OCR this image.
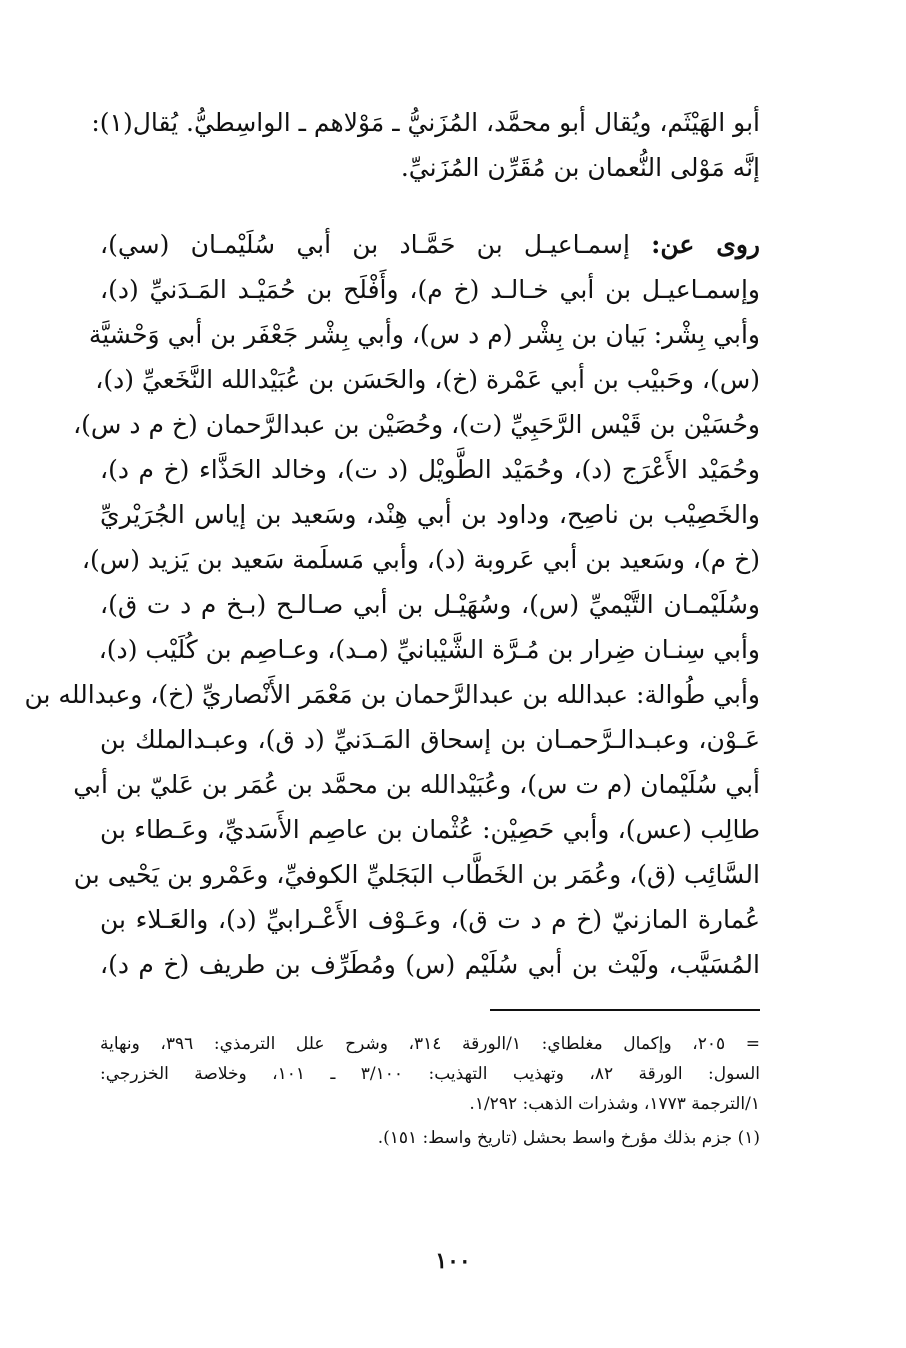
أبو الهَيْثَم، ويُقال أبو محمَّد، المُزَنيُّ ـ مَوْلاهم ـ الواسِطيُّ. يُقال(١):
إنَّه مَوْلى النُّعمان بن مُقَرِّن المُزَنيِّ.
روى عن: إسمـاعيـل بن حَمَّـاد بن أبي سُلَيْمـان (سي)،
وإسمـاعيـل بن أبي خـالـد (خ م)، وأَفْلَح بن حُمَيْـد المَـدَنيِّ (د)،
وأبي بِشْر: بَيان بن بِشْر (م د س)، وأبي بِشْر جَعْفَر بن أبي وَحْشيَّة
(س)، وحَبيْب بن أبي عَمْرة (خ)، والحَسَن بن عُبَيْدالله النَّخَعيِّ (د)،
وحُسَيْن بن قَيْس الرَّحَبِيِّ (ت)، وحُصَيْن بن عبدالرَّحمان (خ م د س)،
وحُمَيْد الأَعْرَج (د)، وحُمَيْد الطَّويْل (د ت)، وخالد الحَذَّاء (خ م د)،
والخَصِيْب بن ناصِح، وداود بن أبي هِنْد، وسَعيد بن إياس الجُرَيْريِّ
(خ م)، وسَعيد بن أبي عَروبة (د)، وأبي مَسلَمة سَعيد بن يَزيد (س)،
وسُلَيْمـان التَّيْميِّ (س)، وسُهَيْـل بن أبي صـالـح (بـخ م د ت ق)،
وأبي سِنـان ضِرار بن مُـرَّة الشَّيْبانيِّ (مـد)، وعـاصِم بن كُلَيْب (د)،
وأبي طُوالة: عبدالله بن عبدالرَّحمان بن مَعْمَر الأَنْصاريِّ (خ)، وعبدالله بن
عَـوْن، وعبـدالـرَّحمـان بن إسحاق المَـدَنيِّ (د ق)، وعبـدالملك بن
أبي سُلَيْمان (م ت س)، وعُبَيْدالله بن محمَّد بن عُمَر بن عَليّ بن أبي
طالِب (عس)، وأبي حَصِيْن: عُثْمان بن عاصِم الأَسَديِّ، وعَـطاء بن
السَّائِب (ق)، وعُمَر بن الخَطَّاب البَجَليِّ الكوفيِّ، وعَمْرو بن يَحْيى بن
عُمارة المازنيّ (خ م د ت ق)، وعَـوْف الأَعْـرابيِّ (د)، والعَـلاء بن
المُسَيَّب، ولَيْث بن أبي سُلَيْم (س) ومُطَرِّف بن طريف (خ م د)،
= ٢٠٥، وإكمال مغلطاي: ١/الورقة ٣١٤، وشرح علل الترمذي: ٣٩٦، ونهاية
السول: الورقة ٨٢، وتهذيب التهذيب: ٣/١٠٠ ـ ١٠١، وخلاصة الخزرجي:
١/الترجمة ١٧٧٣، وشذرات الذهب: ١/٢٩٢.
(١) جزم بذلك مؤرخ واسط بحشل (تاريخ واسط: ١٥١).
١٠٠
